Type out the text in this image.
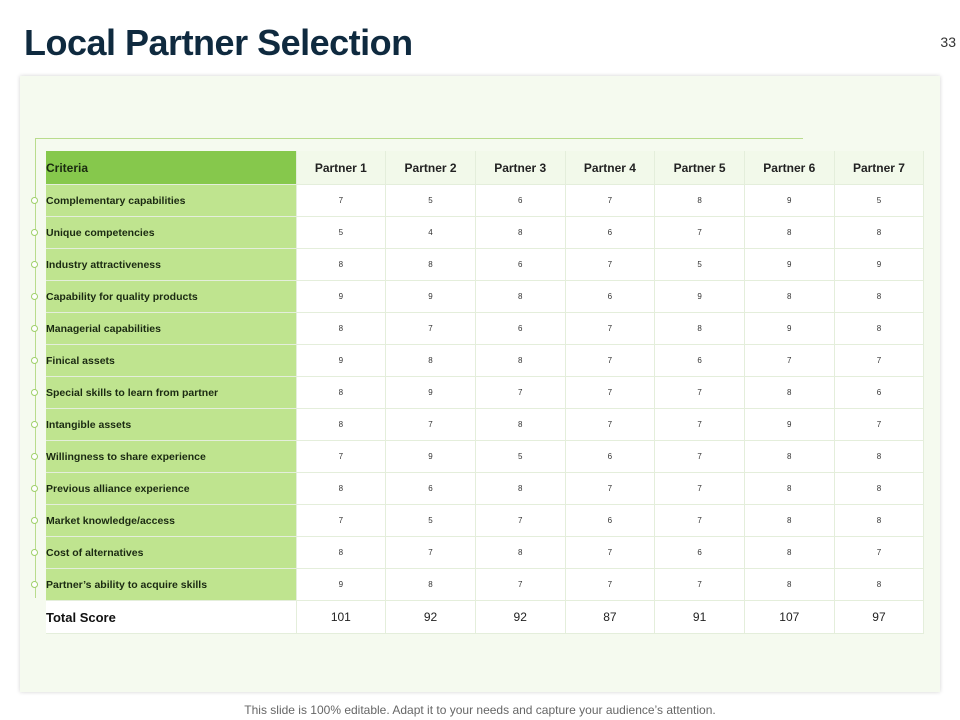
Local Partner Selection	33
Criteria	Partner 1	Partner 2	Partner 3	Partner 4	Partner 5	Partner 6	Partner 7
Complementary capabilities	7	5	6	7	8	9	5
Unique competencies	5	4	8	6	7	8	8
Industry attractiveness	8	8	6	7	5	9	9
Capability for quality products	9	9	8	6	9	8	8
Managerial capabilities	8	7	6	7	8	9	8
Finical assets	9	8	8	7	6	7	7
Special skills to learn from partner	8	9	7	7	7	8	6
Intangible assets	8	7	8	7	7	9	7
Willingness to share experience	7	9	5	6	7	8	8
Previous alliance experience	8	6	8	7	7	8	8
Market knowledge/access	7	5	7	6	7	8	8
Cost of alternatives	8	7	8	7	6	8	7
Partner’s ability to acquire skills	9	8	7	7	7	8	8
Total Score	101	92	92	87	91	107	97
This slide is 100% editable. Adapt it to your needs and capture your audience’s attention.
